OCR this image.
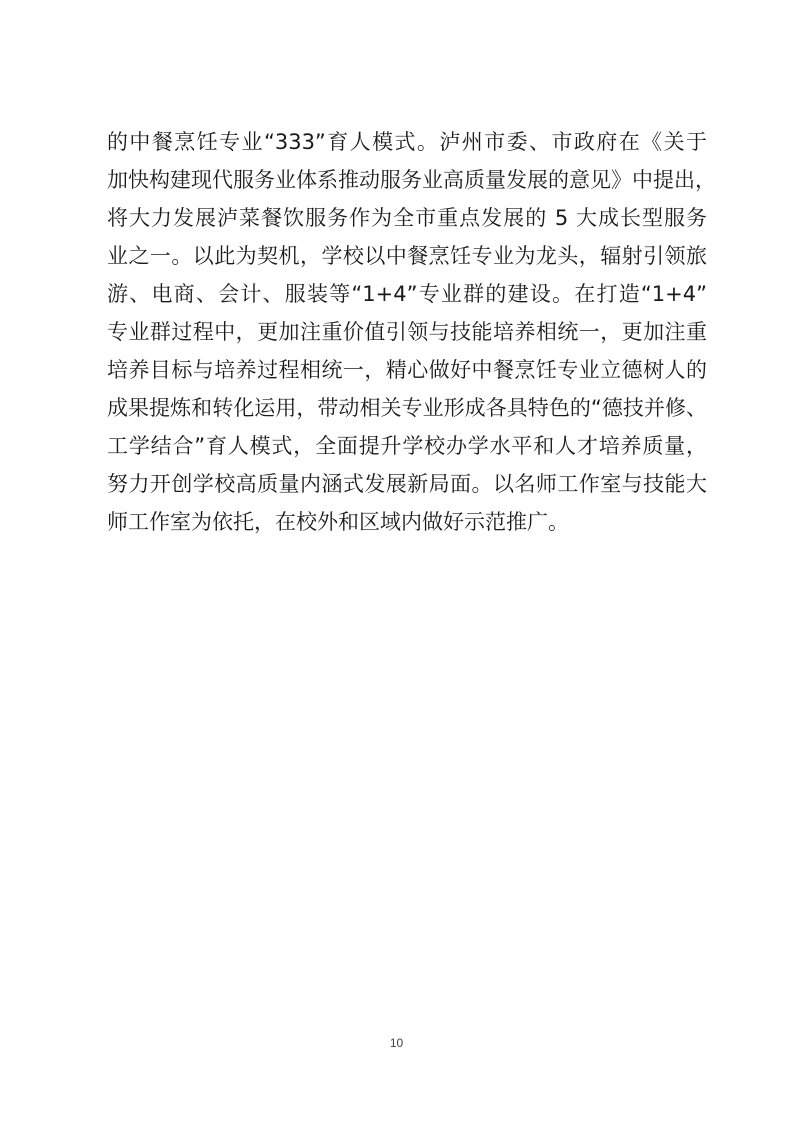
的中餐烹饪专业“333”育人模式。泸州市委、市政府在《关于
加快构建现代服务业体系推动服务业高质量发展的意见》中提出，
将大力发展泸菜餐饮服务作为全市重点发展的 5 大成长型服务
业之一。以此为契机，学校以中餐烹饪专业为龙头，辐射引领旅
游、电商、会计、服装等“1+4”专业群的建设。在打造“1+4”
专业群过程中，更加注重价值引领与技能培养相统一，更加注重
培养目标与培养过程相统一，精心做好中餐烹饪专业立德树人的
成果提炼和转化运用，带动相关专业形成各具特色的“德技并修、
工学结合”育人模式，全面提升学校办学水平和人才培养质量，
努力开创学校高质量内涵式发展新局面。以名师工作室与技能大
师工作室为依托，在校外和区域内做好示范推广。
10
